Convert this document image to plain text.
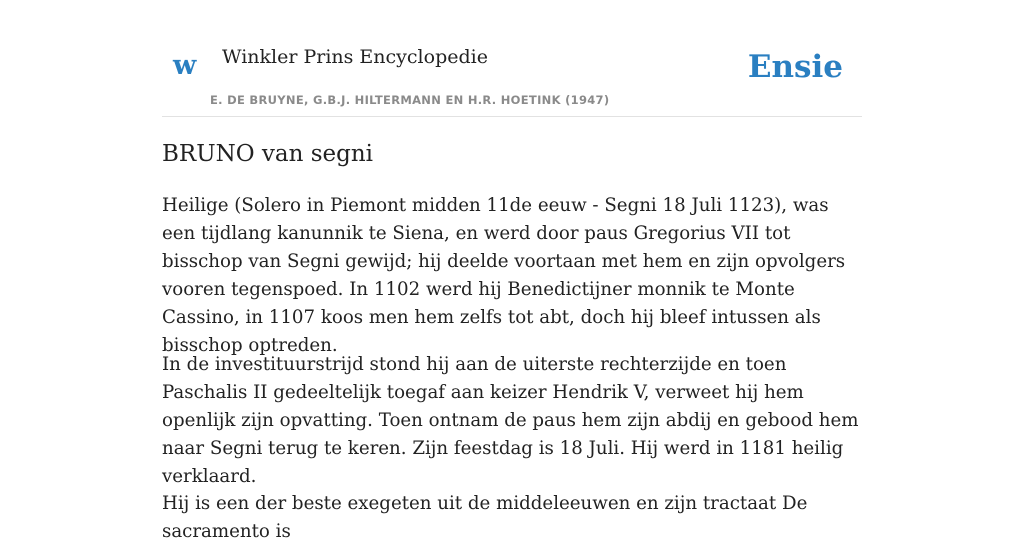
w Winkler Prins Encyclopedie
E. DE BRUYNE, G.B.J. HILTERMANN EN H.R. HOETINK (1947)
Ensie
BRUNO van segni

Heilige (Solero in Piemont midden 11de eeuw - Segni 18 Juli 1123), was een tijdlang kanunnik te Siena, en werd door paus Gregorius VII tot bisschop van Segni gewijd; hij deelde voortaan met hem en zijn opvolgers vooren tegenspoed. In 1102 werd hij Benedictijner monnik te Monte Cassino, in 1107 koos men hem zelfs tot abt, doch hij bleef intussen als bisschop optreden.

In de investituurstrijd stond hij aan de uiterste rechterzijde en toen Paschalis II gedeeltelijk toegaf aan keizer Hendrik V, verweet hij hem openlijk zijn opvatting. Toen ontnam de paus hem zijn abdij en gebood hem naar Segni terug te keren. Zijn feestdag is 18 Juli. Hij werd in 1181 heilig verklaard.

Hij is een der beste exegeten uit de middeleeuwen en zijn tractaat De sacramento is
